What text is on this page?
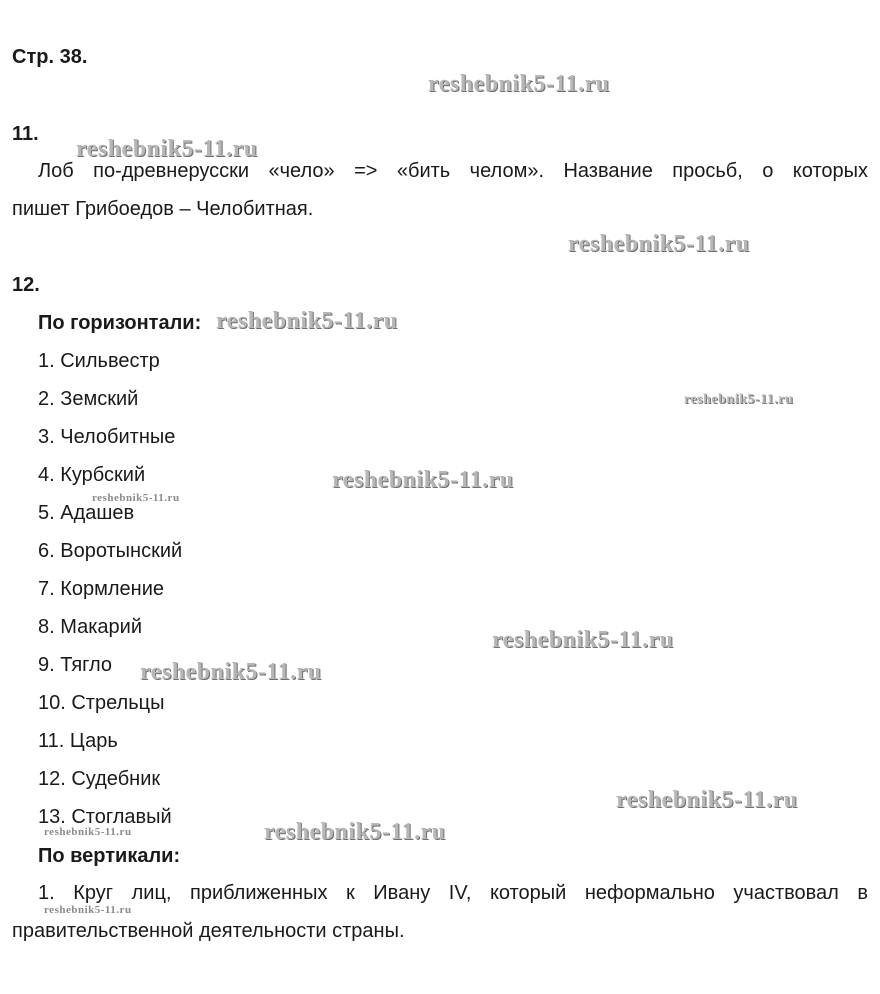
Стр. 38.
11.
Лоб по-древнерусски «чело» => «бить челом». Название просьб, о которых
пишет Грибоедов – Челобитная.
12.
По горизонтали:
1. Сильвестр
2. Земский
3. Челобитные
4. Курбский
5. Адашев
6. Воротынский
7. Кормление
8. Макарий
9. Тягло
10. Стрельцы
11. Царь
12. Судебник
13. Стоглавый
По вертикали:
1. Круг лиц, приближенных к Ивану IV, который неформально участвовал в
правительственной деятельности страны.
reshebnik5-11.ru
reshebnik5-11.ru
reshebnik5-11.ru
reshebnik5-11.ru
reshebnik5-11.ru
reshebnik5-11.ru
reshebnik5-11.ru
reshebnik5-11.ru
reshebnik5-11.ru
reshebnik5-11.ru
reshebnik5-11.ru
reshebnik5-11.ru
reshebnik5-11.ru
